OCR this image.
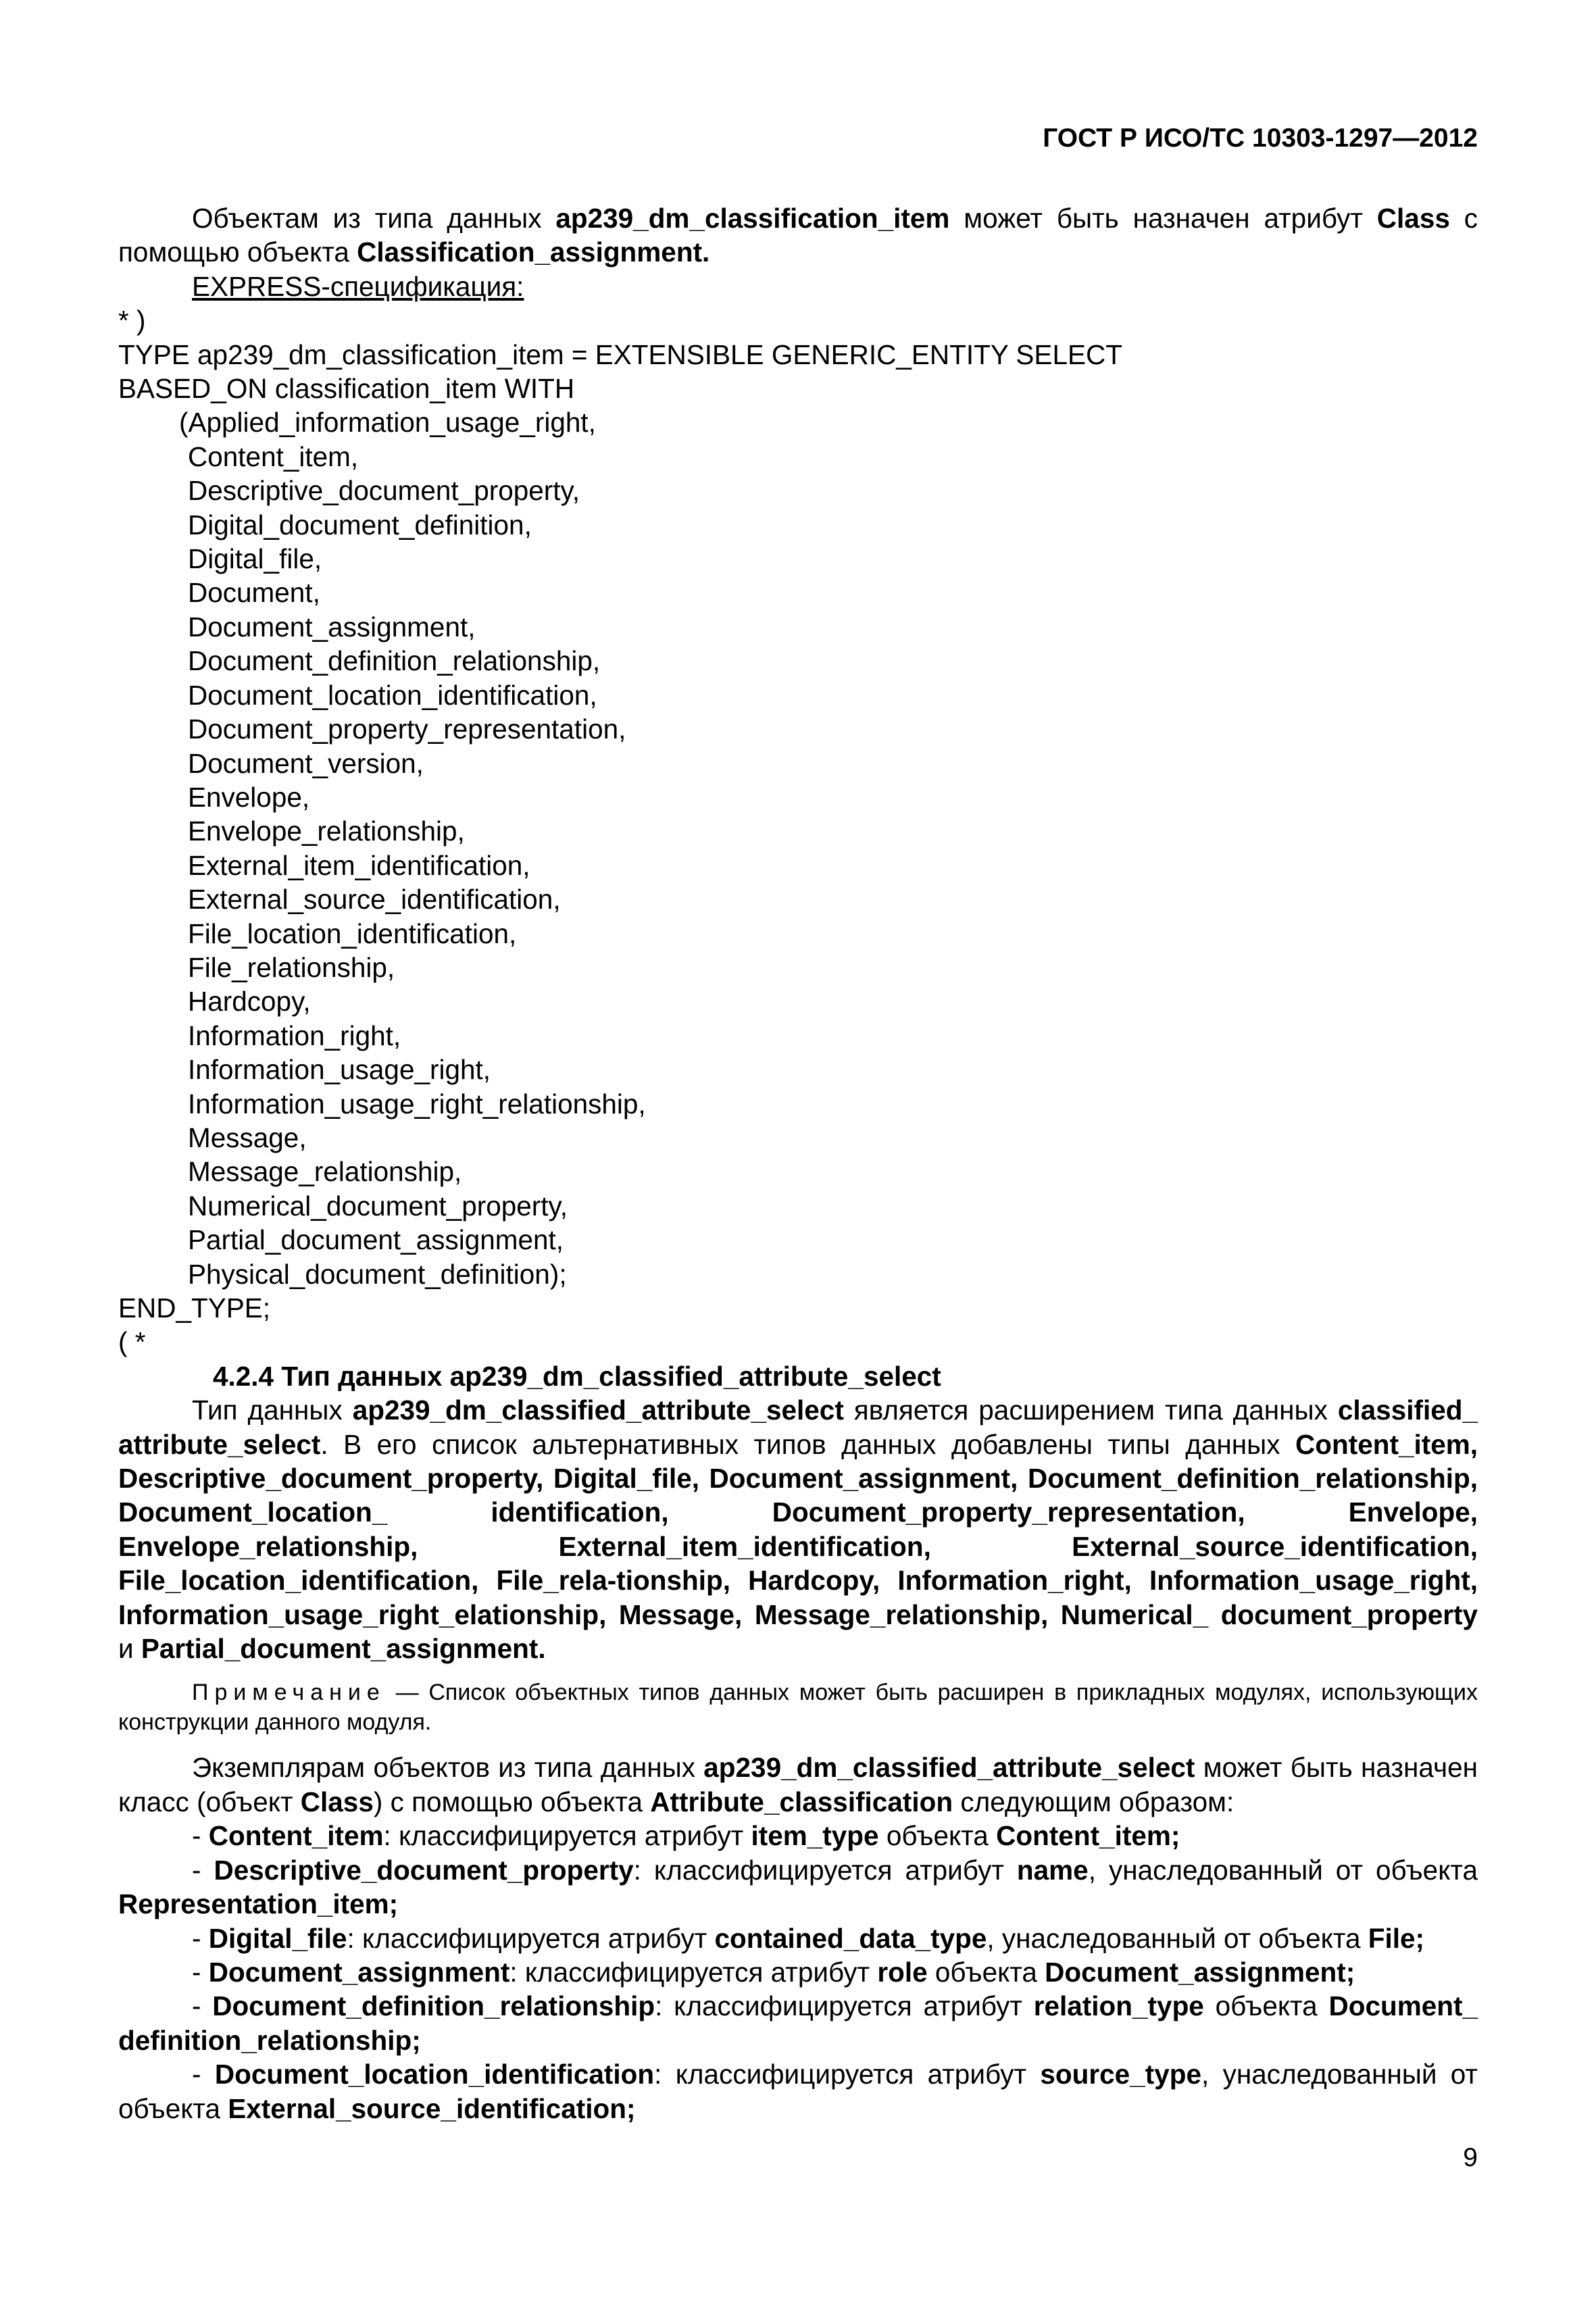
ГОСТ Р ИСО/ТС 10303-1297—2012

Объектам из типа данных ap239_dm_classification_item может быть назначен атрибут Class с помощью объекта Classification_assignment.

EXPRESS-спецификация:

* )
TYPE ap239_dm_classification_item = EXTENSIBLE GENERIC_ENTITY SELECT
BASED_ON classification_item WITH
(Applied_information_usage_right,
Content_item,
Descriptive_document_property,
Digital_document_definition,
Digital_file,
Document,
Document_assignment,
Document_definition_relationship,
Document_location_identification,
Document_property_representation,
Document_version,
Envelope,
Envelope_relationship,
External_item_identification,
External_source_identification,
File_location_identification,
File_relationship,
Hardcopy,
Information_right,
Information_usage_right,
Information_usage_right_relationship,
Message,
Message_relationship,
Numerical_document_property,
Partial_document_assignment,
Physical_document_definition);
END_TYPE;
( *

4.2.4 Тип данных ap239_dm_classified_attribute_select

Тип данных ap239_dm_classified_attribute_select является расширением типа данных classified_ attribute_select. В его список альтернативных типов данных добавлены типы данных Content_item, Descriptive_document_property, Digital_file, Document_assignment, Document_definition_relationship, Document_location_ identification, Document_property_representation, Envelope, Envelope_relationship, External_item_identification, External_source_identification, File_location_identification, File_rela-tionship, Hardcopy, Information_right, Information_usage_right, Information_usage_right_elationship, Message, Message_relationship, Numerical_ document_property и Partial_document_assignment.

Примечание — Список объектных типов данных может быть расширен в прикладных модулях, использующих конструкции данного модуля.

Экземплярам объектов из типа данных ap239_dm_classified_attribute_select может быть назначен класс (объект Class) с помощью объекта Attribute_classification следующим образом:

- Content_item: классифицируется атрибут item_type объекта Content_item;

- Descriptive_document_property: классифицируется атрибут name, унаследованный от объекта Representation_item;

- Digital_file: классифицируется атрибут contained_data_type, унаследованный от объекта File;

- Document_assignment: классифицируется атрибут role объекта Document_assignment;

- Document_definition_relationship: классифицируется атрибут relation_type объекта Document_ definition_relationship;

- Document_location_identification: классифицируется атрибут source_type, унаследованный от объекта External_source_identification;

9
